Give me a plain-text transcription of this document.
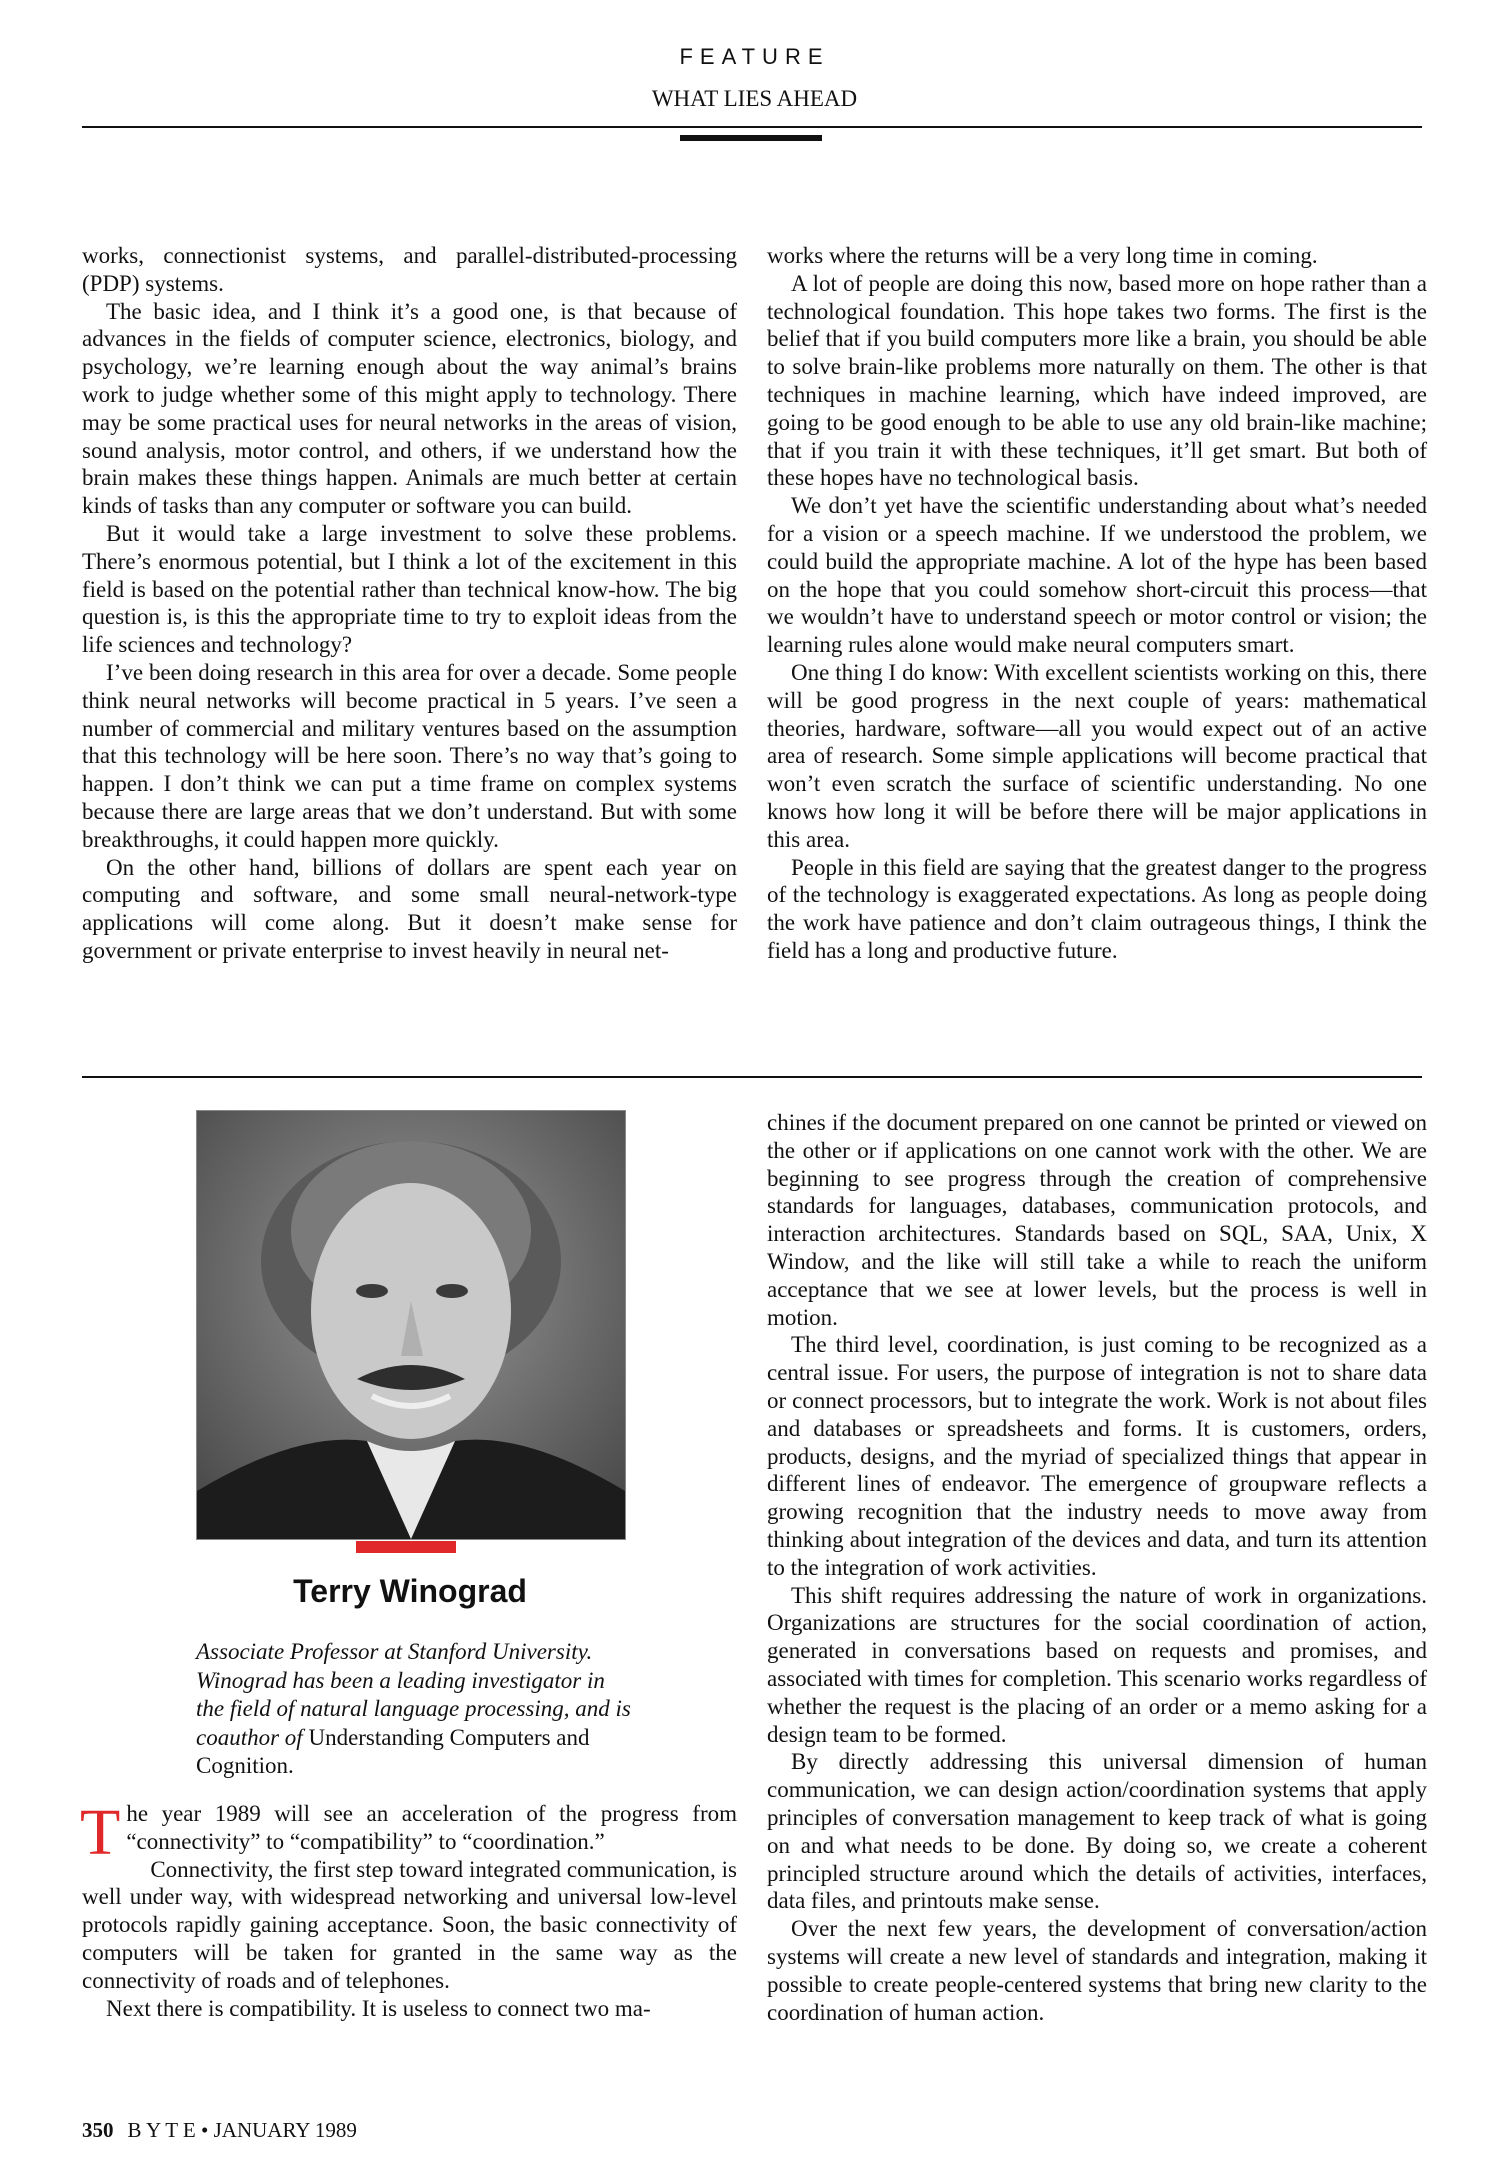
FEATURE
WHAT LIES AHEAD

works, connectionist systems, and parallel-distributed-processing (PDP) systems.

The basic idea, and I think it’s a good one, is that because of advances in the fields of computer science, electronics, biology, and psychology, we’re learning enough about the way animal’s brains work to judge whether some of this might apply to technology. There may be some practical uses for neural networks in the areas of vision, sound analysis, motor control, and others, if we understand how the brain makes these things happen. Animals are much better at certain kinds of tasks than any computer or software you can build.

But it would take a large investment to solve these problems. There’s enormous potential, but I think a lot of the excitement in this field is based on the potential rather than technical know-how. The big question is, is this the appropriate time to try to exploit ideas from the life sciences and technology?

I’ve been doing research in this area for over a decade. Some people think neural networks will become practical in 5 years. I’ve seen a number of commercial and military ventures based on the assumption that this technology will be here soon. There’s no way that’s going to happen. I don’t think we can put a time frame on complex systems because there are large areas that we don’t understand. But with some breakthroughs, it could happen more quickly.

On the other hand, billions of dollars are spent each year on computing and software, and some small neural-network-type applications will come along. But it doesn’t make sense for government or private enterprise to invest heavily in neural net-

works where the returns will be a very long time in coming.

A lot of people are doing this now, based more on hope rather than a technological foundation. This hope takes two forms. The first is the belief that if you build computers more like a brain, you should be able to solve brain-like problems more naturally on them. The other is that techniques in machine learning, which have indeed improved, are going to be good enough to be able to use any old brain-like machine; that if you train it with these techniques, it’ll get smart. But both of these hopes have no technological basis.

We don’t yet have the scientific understanding about what’s needed for a vision or a speech machine. If we understood the problem, we could build the appropriate machine. A lot of the hype has been based on the hope that you could somehow short-circuit this process—that we wouldn’t have to understand speech or motor control or vision; the learning rules alone would make neural computers smart.

One thing I do know: With excellent scientists working on this, there will be good progress in the next couple of years: mathematical theories, hardware, software—all you would expect out of an active area of research. Some simple applications will become practical that won’t even scratch the surface of scientific understanding. No one knows how long it will be before there will be major applications in this area.

People in this field are saying that the greatest danger to the progress of the technology is exaggerated expectations. As long as people doing the work have patience and don’t claim outrageous things, I think the field has a long and productive future.

Terry Winograd
Associate Professor at Stanford University. Winograd has been a leading investigator in the field of natural language processing, and is coauthor of Understanding Computers and Cognition.

The year 1989 will see an acceleration of the progress from “connectivity” to “compatibility” to “coordination.”

Connectivity, the first step toward integrated communication, is well under way, with widespread networking and universal low-level protocols rapidly gaining acceptance. Soon, the basic connectivity of computers will be taken for granted in the same way as the connectivity of roads and of telephones.

Next there is compatibility. It is useless to connect two ma-

chines if the document prepared on one cannot be printed or viewed on the other or if applications on one cannot work with the other. We are beginning to see progress through the creation of comprehensive standards for languages, databases, communication protocols, and interaction architectures. Standards based on SQL, SAA, Unix, X Window, and the like will still take a while to reach the uniform acceptance that we see at lower levels, but the process is well in motion.

The third level, coordination, is just coming to be recognized as a central issue. For users, the purpose of integration is not to share data or connect processors, but to integrate the work. Work is not about files and databases or spreadsheets and forms. It is customers, orders, products, designs, and the myriad of specialized things that appear in different lines of endeavor. The emergence of groupware reflects a growing recognition that the industry needs to move away from thinking about integration of the devices and data, and turn its attention to the integration of work activities.

This shift requires addressing the nature of work in organizations. Organizations are structures for the social coordination of action, generated in conversations based on requests and promises, and associated with times for completion. This scenario works regardless of whether the request is the placing of an order or a memo asking for a design team to be formed.

By directly addressing this universal dimension of human communication, we can design action/coordination systems that apply principles of conversation management to keep track of what is going on and what needs to be done. By doing so, we create a coherent principled structure around which the details of activities, interfaces, data files, and printouts make sense.

Over the next few years, the development of conversation/action systems will create a new level of standards and integration, making it possible to create people-centered systems that bring new clarity to the coordination of human action.

350 B Y T E • JANUARY 1989
